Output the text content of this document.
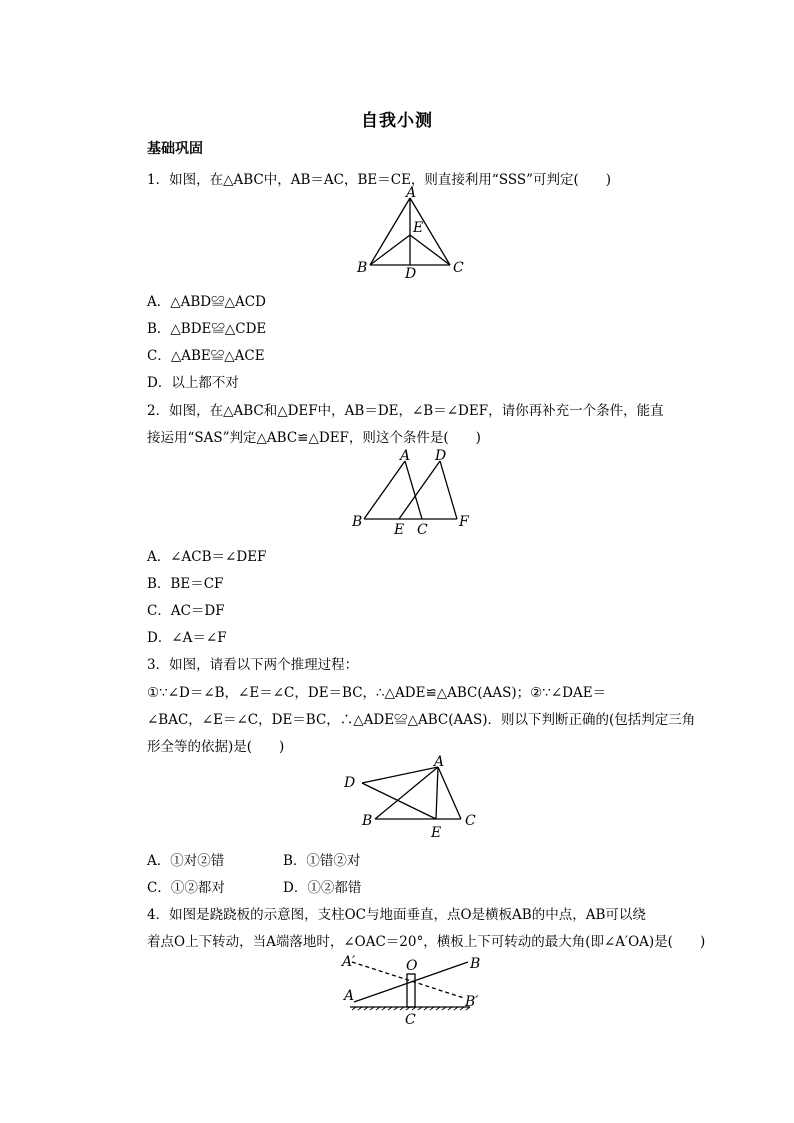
自我小测
基础巩固
1．如图，在△ABC中，AB＝AC，BE＝CE，则直接利用“SSS”可判定(　　)
A
E
B	D	C
A．△ABD≌△ACD
B．△BDE≌△CDE
C．△ABE≌△ACE
D．以上都不对
2．如图，在△ABC和△DEF中，AB＝DE，∠B＝∠DEF，请你再补充一个条件，能直
接运用“SAS”判定△ABC≌△DEF，则这个条件是(　　)
A D
B E C F
A．∠ACB＝∠DEF
B．BE＝CF
C．AC＝DF
D．∠A＝∠F
3．如图，请看以下两个推理过程：
①∵∠D＝∠B，∠E＝∠C，DE＝BC，∴△ADE≌△ABC(AAS)；②∵∠DAE＝
∠BAC，∠E＝∠C，DE＝BC，∴△ADE≌△ABC(AAS)．则以下判断正确的(包括判定三角
形全等的依据)是(　　)
A
D
B
E
C
A．①对②错	B．①错②对
C．①②都对	D．①②都错
4．如图是跷跷板的示意图，支柱OC与地面垂直，点O是横板AB的中点，AB可以绕
着点O上下转动，当A端落地时，∠OAC＝20°，横板上下可转动的最大角(即∠A′OA)是(　　)
A′	O	B
A	B′
C
